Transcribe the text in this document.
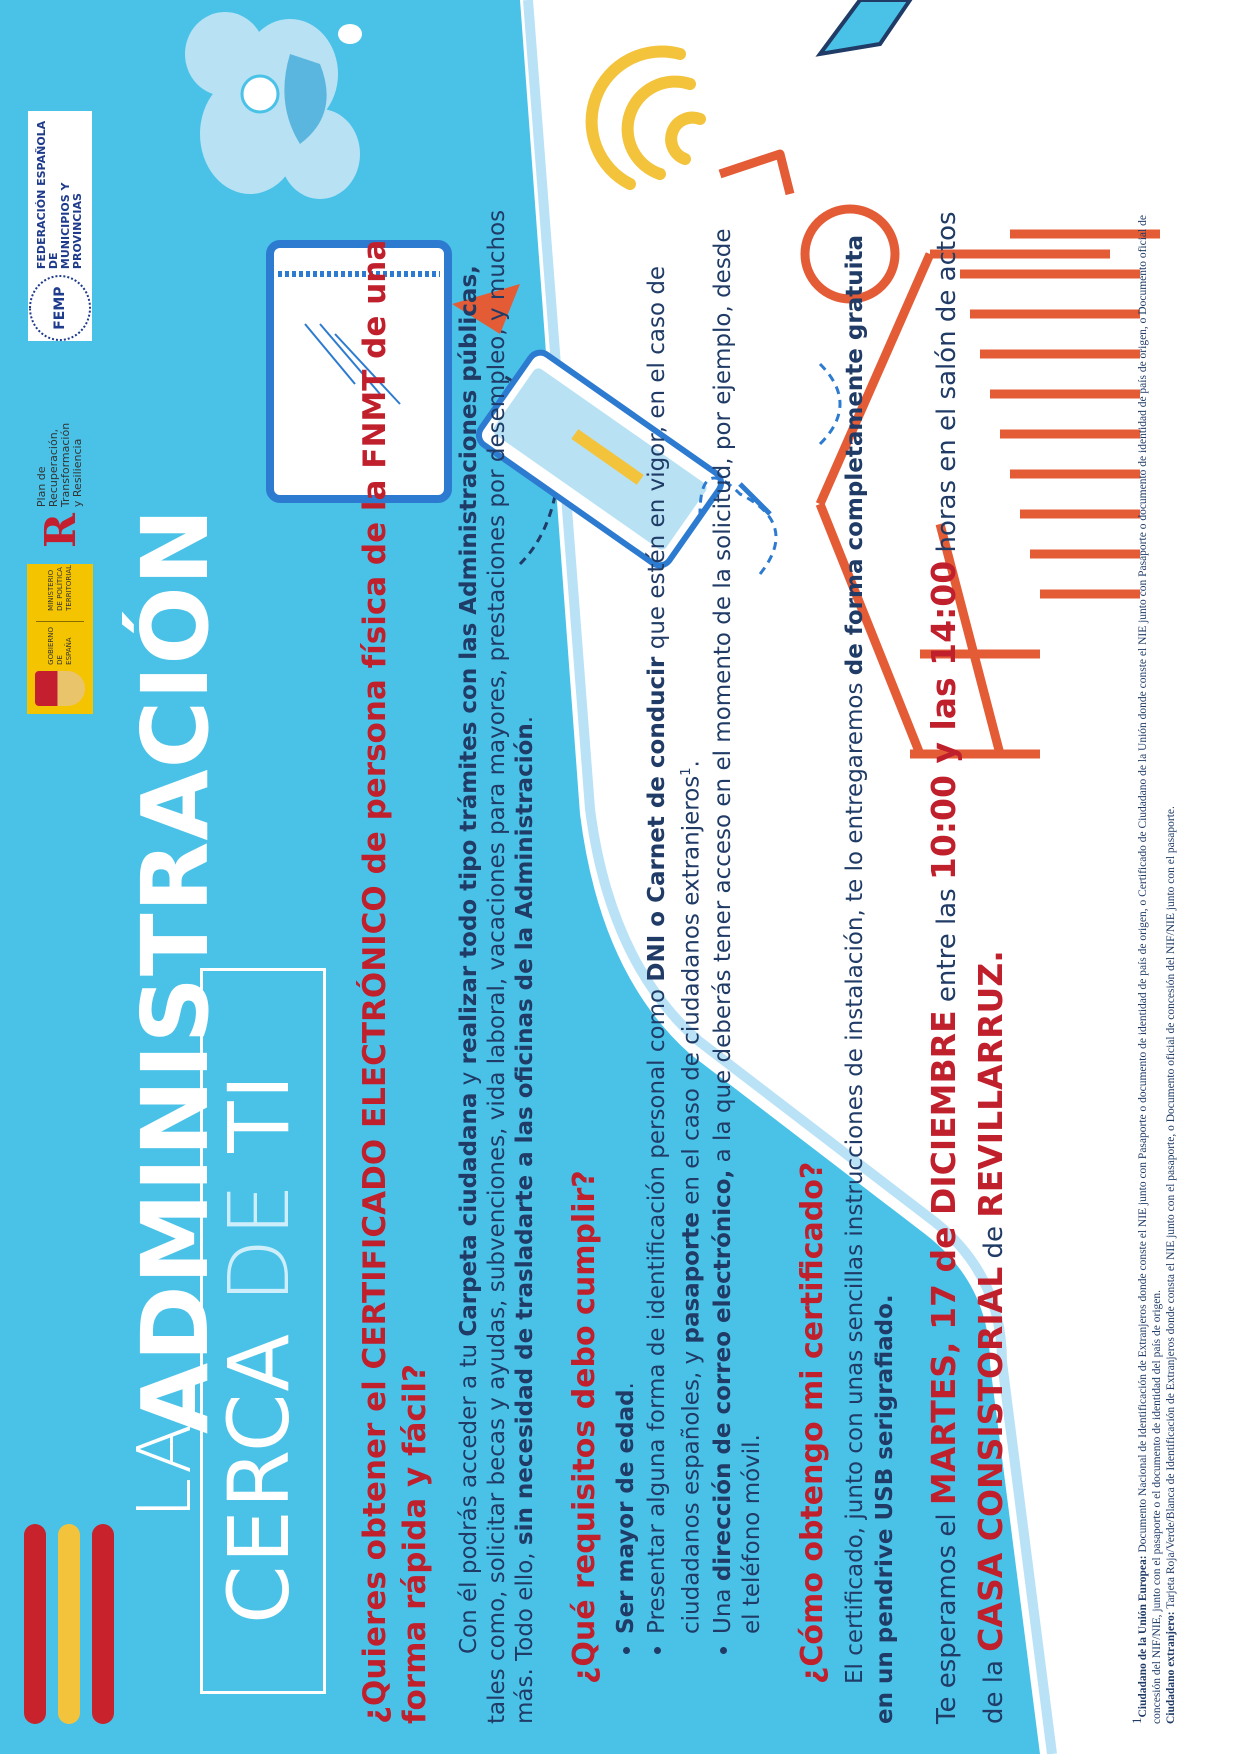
LA
ADMINISTRACIÓN
CERCA DE TI
GOBIERNO DE ESPAÑA
MINISTERIO DE POLÍTICA TERRITORIAL
R
Plan de Recuperación, Transformación y Resiliencia
FEMP
FEDERACIÓN ESPAÑOLA DE MUNICIPIOS Y PROVINCIAS

¿Quieres obtener el CERTIFICADO ELECTRÓNICO de persona física de la FNMT de una forma rápida y fácil? Con él podrás acceder a tu Carpeta ciudadana y realizar todo tipo trámites con las Administraciones públicas, tales como, solicitar becas y ayudas, subvenciones, vida laboral, vacaciones para mayores, prestaciones por desempleo, y muchos más. Todo ello, sin necesidad de trasladarte a las oficinas de la Administración.

¿Qué requisitos debo cumplir? • Ser mayor de edad. • Presentar alguna forma de identificación personal como DNI o Carnet de conducir que estén en vigor, en el caso de ciudadanos españoles, y pasaporte en el caso de ciudadanos extranjeros$^1$.
• Una dirección de correo electrónico, a la que deberás tener acceso en el momento de la solicitud, por ejemplo, desde el teléfono móvil. ¿Cómo obtengo mi certificado? El certificado, junto con unas sencillas instrucciones de instalación, te lo entregaremos de forma completamente gratuita en un pendrive USB serigrafiado.	Te esperamos el MARTES, 17 de DICIEMBRE entre las 10:00 y las 14:00 horas en el salón de actos de la CASA CONSISTORIAL de REVILLARRUZ.

$^1$Ciudadano de la Unión Europea: Documento Nacional de Identificación de Extranjeros donde conste el NIE junto con Pasaporte o documento de identidad de país de origen, o Certificado de Ciudadano de la Unión donde conste el NIE junto con Pasaporte o documento de identidad de país de origen, o Documento oficial de concesión del NIF/NIE, junto con el pasaporte o el documento de identidad del país de origen. Ciudadano extranjero: Tarjeta Roja/Verde/Blanca de Identificación de Extranjeros donde consta el NIE junto con el pasaporte, o Documento oficial de concesión del NIF/NIE junto con el pasaporte.
